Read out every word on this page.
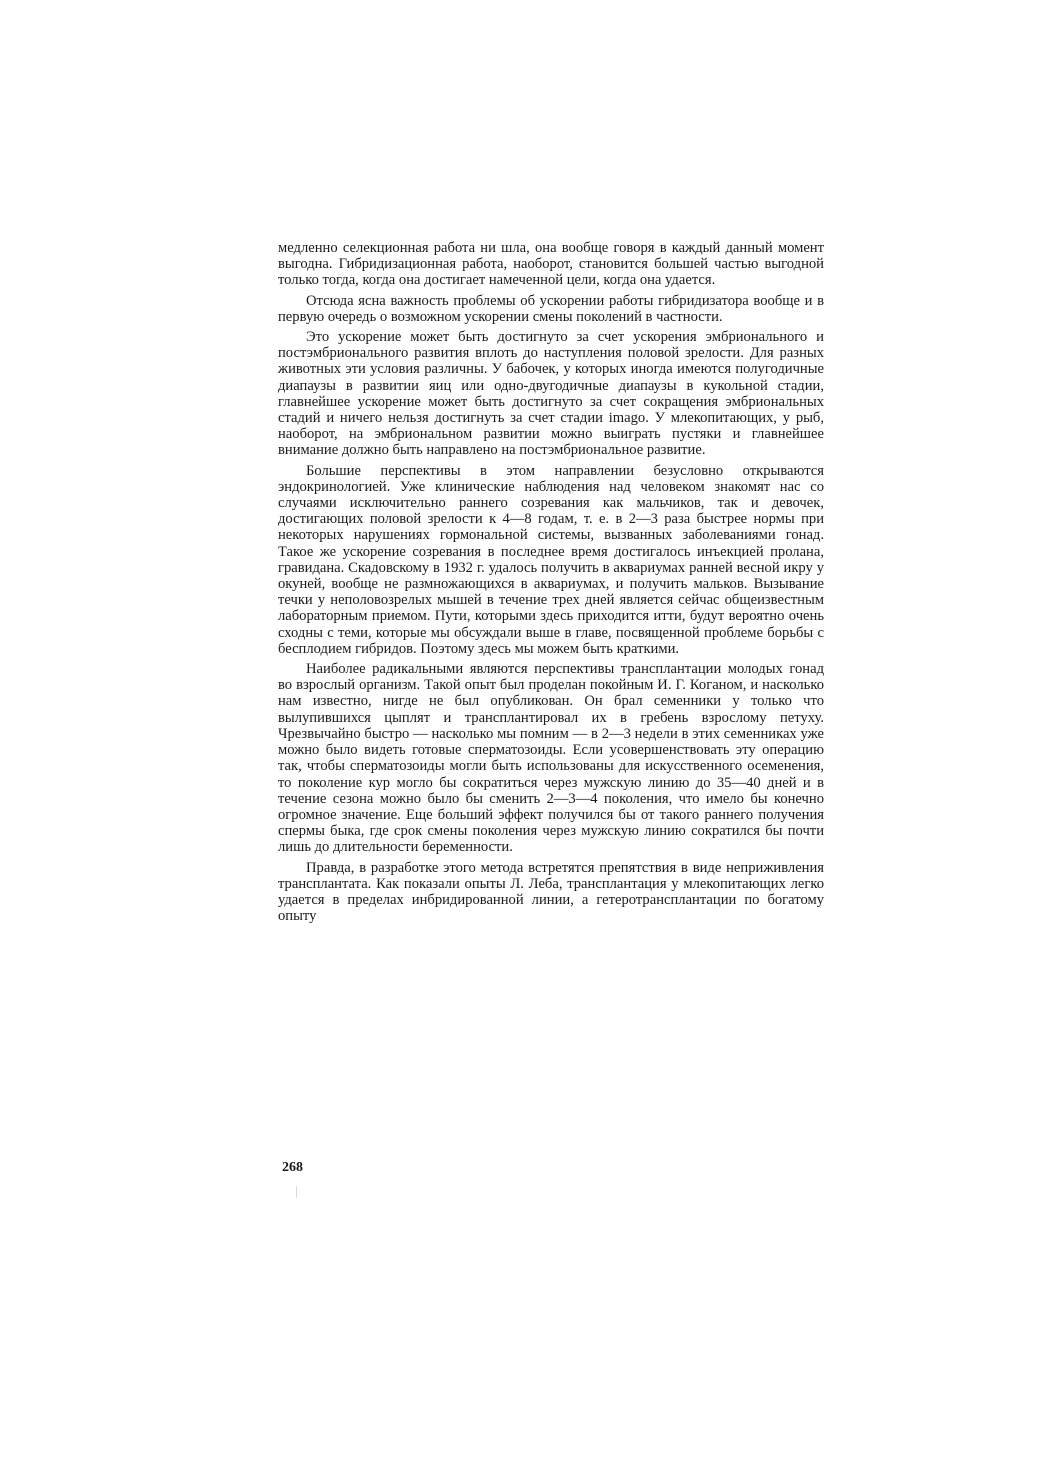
медленно селекционная работа ни шла, она вообще говоря в каждый данный момент выгодна. Гибридизационная работа, наоборот, становится большей частью выгодной только тогда, когда она достигает намеченной цели, когда она удается.

Отсюда ясна важность проблемы об ускорении работы гибридизатора вообще и в первую очередь о возможном ускорении смены поколений в частности.

Это ускорение может быть достигнуто за счет ускорения эмбрионального и постэмбрионального развития вплоть до наступления половой зрелости. Для разных животных эти условия различны. У бабочек, у которых иногда имеются полугодичные диапаузы в развитии яиц или одно-двугодичные диапаузы в кукольной стадии, главнейшее ускорение может быть достигнуто за счет сокращения эмбриональных стадий и ничего нельзя достигнуть за счет стадии imago. У млекопитающих, у рыб, наоборот, на эмбриональном развитии можно выиграть пустяки и главнейшее внимание должно быть направлено на постэмбриональное развитие.

Большие перспективы в этом направлении безусловно открываются эндокринологией. Уже клинические наблюдения над человеком знакомят нас со случаями исключительно раннего созревания как мальчиков, так и девочек, достигающих половой зрелости к 4—8 годам, т. е. в 2—3 раза быстрее нормы при некоторых нарушениях гормональной системы, вызванных заболеваниями гонад. Такое же ускорение созревания в последнее время достигалось инъекцией пролана, гравидана. Скадовскому в 1932 г. удалось получить в аквариумах ранней весной икру у окуней, вообще не размножающихся в аквариумах, и получить мальков. Вызывание течки у неполовозрелых мышей в течение трех дней является сейчас общеизвестным лабораторным приемом. Пути, которыми здесь приходится итти, будут вероятно очень сходны с теми, которые мы обсуждали выше в главе, посвященной проблеме борьбы с бесплодием гибридов. Поэтому здесь мы можем быть краткими.

Наиболее радикальными являются перспективы трансплантации молодых гонад во взрослый организм. Такой опыт был проделан покойным И. Г. Коганом, и насколько нам известно, нигде не был опубликован. Он брал семенники у только что вылупившихся цыплят и трансплантировал их в гребень взрослому петуху. Чрезвычайно быстро — насколько мы помним — в 2—3 недели в этих семенниках уже можно было видеть готовые сперматозоиды. Если усовершенствовать эту операцию так, чтобы сперматозоиды могли быть использованы для искусственного осеменения, то поколение кур могло бы сократиться через мужскую линию до 35—40 дней и в течение сезона можно было бы сменить 2—3—4 поколения, что имело бы конечно огромное значение. Еще больший эффект получился бы от такого раннего получения спермы быка, где срок смены поколения через мужскую линию сократился бы почти лишь до длительности беременности.

Правда, в разработке этого метода встретятся препятствия в виде неприживления трансплантата. Как показали опыты Л. Леба, трансплантация у млекопитающих легко удается в пределах инбридированной линии, а гетеротрансплантации по богатому опыту

268
